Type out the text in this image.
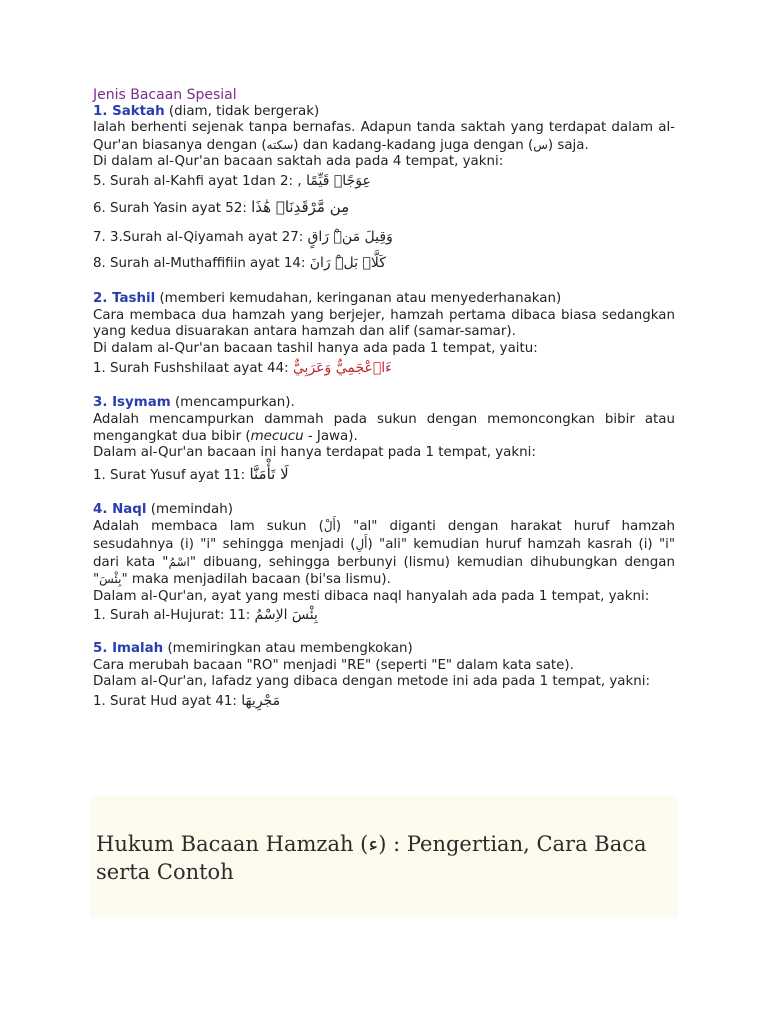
Jenis Bacaan Spesial

1. Saktah (diam, tidak bergerak)

Ialah berhenti sejenak tanpa bernafas. Adapun tanda saktah yang terdapat dalam al-Qur'an biasanya dengan (سكته) dan kadang-kadang juga dengan (س) saja.

Di dalam al-Qur'an bacaan saktah ada pada 4 tempat, yakni:

5. Surah al-Kahfi ayat 1dan 2: عِوَجًاۜ قَيِّمًا ,

6. Surah Yasin ayat 52: مِن مَّرْقَدِنَاۜ هَٰذَا

7. 3.Surah al-Qiyamah ayat 27: وَقِيلَ مَنْۜ رَاقٍ

8. Surah al-Muthaffifiin ayat 14: كَلَّاۖ بَلْۜ رَانَ

2. Tashil (memberi kemudahan, keringanan atau menyederhanakan)

Cara membaca dua hamzah yang berjejer, hamzah pertama dibaca biasa sedangkan yang kedua disuarakan antara hamzah dan alif (samar-samar).

Di dalam al-Qur'an bacaan tashil hanya ada pada 1 tempat, yaitu:

1. Surah Fushshilaat ayat 44: ءَاۤعْجَمِيٌّ وَعَرَبِيٌّ

3. Isymam (mencampurkan).

Adalah mencampurkan dammah pada sukun dengan memoncongkan bibir atau mengangkat dua bibir (mecucu - Jawa).

Dalam al-Qur'an bacaan ini hanya terdapat pada 1 tempat, yakni:

1. Surat Yusuf ayat 11: لَا تَأْمَنَّا

4. Naql (memindah)

Adalah membaca lam sukun (أَلْ) "al" diganti dengan harakat huruf hamzah sesudahnya (i) "i" sehingga menjadi (أَلِ) "ali" kemudian huruf hamzah kasrah (i) "i" dari kata "اسْمُ" dibuang, sehingga berbunyi (lismu) kemudian dihubungkan dengan "بِئْسَ" maka menjadilah bacaan (bi'sa lismu).

Dalam al-Qur'an, ayat yang mesti dibaca naql hanyalah ada pada 1 tempat, yakni:

1. Surah al-Hujurat: 11: بِئْسَ الاِسْمُ

5. Imalah (memiringkan atau membengkokan)

Cara merubah bacaan "RO" menjadi "RE" (seperti "E" dalam kata sate).

Dalam al-Qur'an, lafadz yang dibaca dengan metode ini ada pada 1 tempat, yakni:

1. Surat Hud ayat 41: مَجْرِيهَا

Hukum Bacaan Hamzah (ء) : Pengertian, Cara Baca serta Contoh
